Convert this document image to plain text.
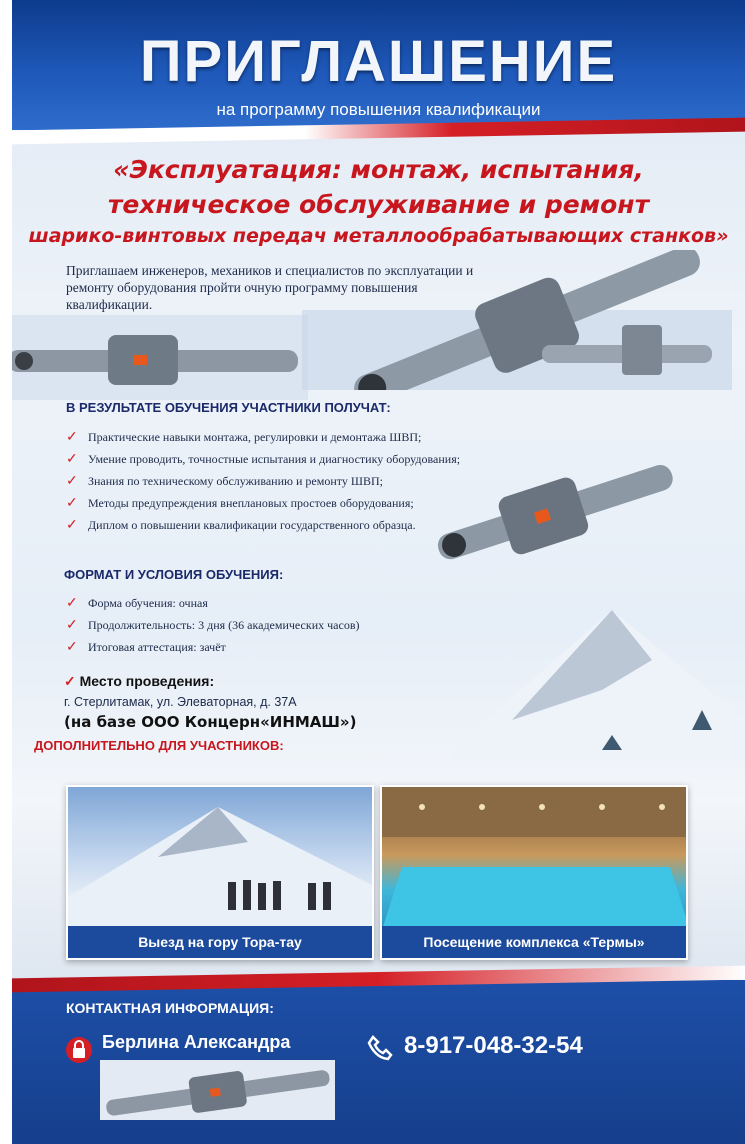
ПРИГЛАШЕНИЕ
на программу повышения квалификации
«Эксплуатация: монтаж, испытания,
техническое обслуживание и ремонт
шарико-винтовых передач металлообрабатывающих станков»
Приглашаем инженеров, механиков и специалистов по эксплуатации и ремонту оборудования пройти очную программу повышения квалификации.
В РЕЗУЛЬТАТЕ ОБУЧЕНИЯ УЧАСТНИКИ ПОЛУЧАТ:
✓ Практические навыки монтажа, регулировки и демонтажа ШВП;
✓ Умение проводить, точностные испытания и диагностику оборудования;
✓ Знания по техническому обслуживанию и ремонту ШВП;
✓ Методы предупреждения внеплановых простоев оборудования;
✓ Диплом о повышении квалификации государственного образца.
ФОРМАТ И УСЛОВИЯ ОБУЧЕНИЯ:
✓ Форма обучения: очная
✓ Продолжительность: 3 дня (36 академических часов)
✓ Итоговая аттестация: зачёт
✓ Место проведения:
г. Стерлитамак, ул. Элеваторная, д. 37А
(на базе ООО Концерн«ИНМАШ»)
ДОПОЛНИТЕЛЬНО ДЛЯ УЧАСТНИКОВ:
Выезд на гору Тора-тау	Посещение комплекса «Термы»
КОНТАКТНАЯ ИНФОРМАЦИЯ:
Берлина Александра	8-917-048-32-54
